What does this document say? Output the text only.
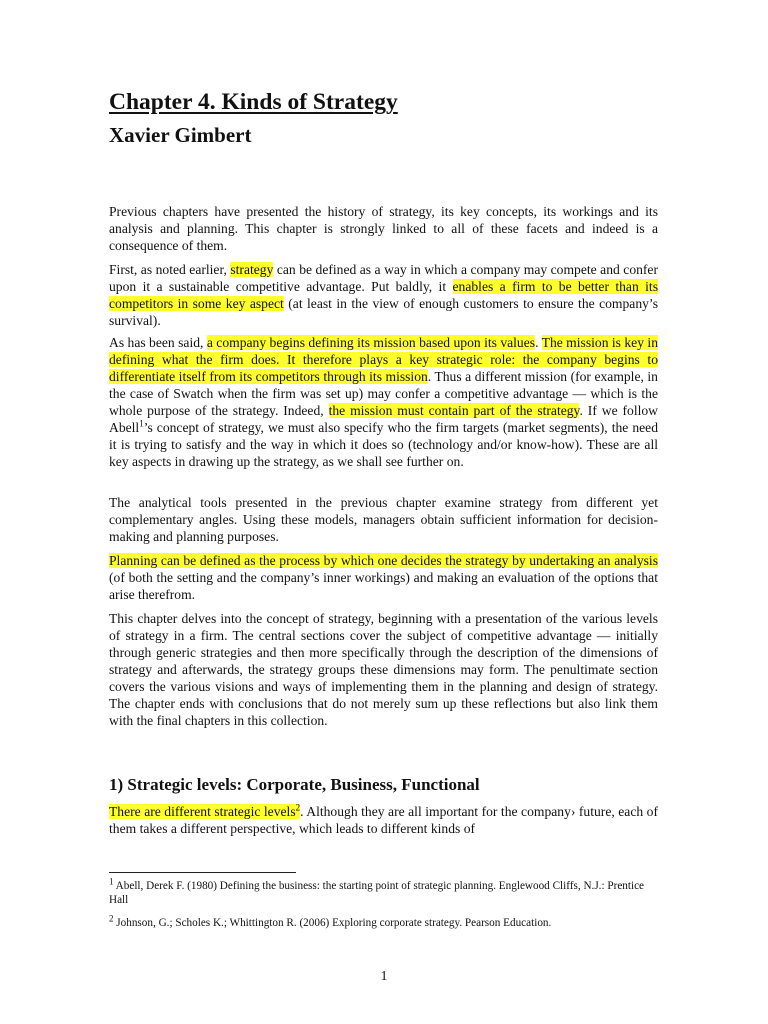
Chapter 4. Kinds of Strategy
Xavier Gimbert

Previous chapters have presented the history of strategy, its key concepts, its workings and its analysis and planning. This chapter is strongly linked to all of these facets and indeed is a consequence of them.

First, as noted earlier, strategy can be defined as a way in which a company may compete and confer upon it a sustainable competitive advantage. Put baldly, it enables a firm to be better than its competitors in some key aspect (at least in the view of enough customers to ensure the company’s survival).

As has been said, a company begins defining its mission based upon its values. The mission is key in defining what the firm does. It therefore plays a key strategic role: the company begins to differentiate itself from its competitors through its mission. Thus a different mission (for example, in the case of Swatch when the firm was set up) may confer a competitive advantage — which is the whole purpose of the strategy. Indeed, the mission must contain part of the strategy. If we follow Abell$^1$’s concept of strategy, we must also specify who the firm targets (market segments), the need it is trying to satisfy and the way in which it does so (technology and/or know-how). These are all key aspects in drawing up the strategy, as we shall see further on.

The analytical tools presented in the previous chapter examine strategy from different yet complementary angles. Using these models, managers obtain sufficient information for decision-making and planning purposes.

Planning can be defined as the process by which one decides the strategy by undertaking an analysis (of both the setting and the company’s inner workings) and making an evaluation of the options that arise therefrom.

This chapter delves into the concept of strategy, beginning with a presentation of the various levels of strategy in a firm. The central sections cover the subject of competitive advantage — initially through generic strategies and then more specifically through the description of the dimensions of strategy and afterwards, the strategy groups these dimensions may form. The penultimate section covers the various visions and ways of implementing them in the planning and design of strategy. The chapter ends with conclusions that do not merely sum up these reflections but also link them with the final chapters in this collection.

1) Strategic levels: Corporate, Business, Functional

There are different strategic levels$^2$. Although they are all important for the company› future, each of them takes a different perspective, which leads to different kinds of

$^1$ Abell, Derek F. (1980) Defining the business: the starting point of strategic planning. Englewood Cliffs, N.J.: Prentice Hall

$^2$ Johnson, G.; Scholes K.; Whittington R. (2006) Exploring corporate strategy. Pearson Education.

1
